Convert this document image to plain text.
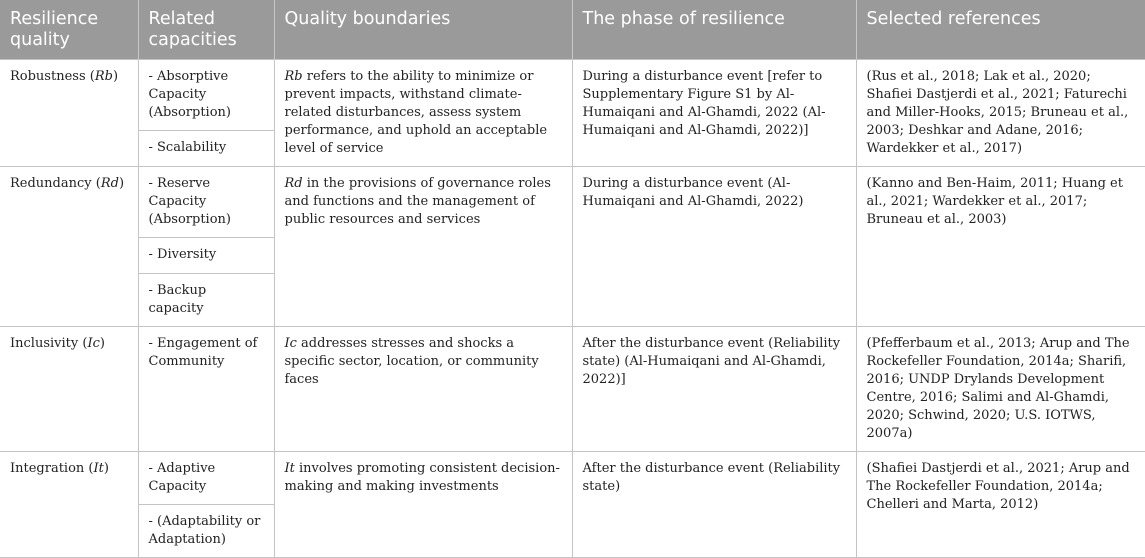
Resilience quality	Related capacities	Quality boundaries	The phase of resilience	Selected references
Robustness (Rb)	- Absorptive Capacity (Absorption)	Rb refers to the ability to minimize or prevent impacts, withstand climate-related disturbances, assess system performance, and uphold an acceptable level of service	During a disturbance event [refer to Supplementary Figure S1 by Al-Humaiqani and Al-Ghamdi, 2022 (Al-Humaiqani and Al-Ghamdi, 2022)]	(Rus et al., 2018; Lak et al., 2020; Shafiei Dastjerdi et al., 2021; Faturechi and Miller-Hooks, 2015; Bruneau et al., 2003; Deshkar and Adane, 2016; Wardekker et al., 2017)
	- Scalability			
Redundancy (Rd)	- Reserve Capacity (Absorption)	Rd in the provisions of governance roles and functions and the management of public resources and services	During a disturbance event (Al-Humaiqani and Al-Ghamdi, 2022)	(Kanno and Ben-Haim, 2011; Huang et al., 2021; Wardekker et al., 2017; Bruneau et al., 2003)
	- Diversity			
	- Backup capacity			
Inclusivity (Ic)	- Engagement of Community	Ic addresses stresses and shocks a specific sector, location, or community faces	After the disturbance event (Reliability state) (Al-Humaiqani and Al-Ghamdi, 2022)]	(Pfefferbaum et al., 2013; Arup and The Rockefeller Foundation, 2014a; Sharifi, 2016; UNDP Drylands Development Centre, 2016; Salimi and Al-Ghamdi, 2020; Schwind, 2020; U.S. IOTWS, 2007a)
Integration (It)	- Adaptive Capacity	It involves promoting consistent decision-making and making investments	After the disturbance event (Reliability state)	(Shafiei Dastjerdi et al., 2021; Arup and The Rockefeller Foundation, 2014a; Chelleri and Marta, 2012)
	- (Adaptability or Adaptation)			
